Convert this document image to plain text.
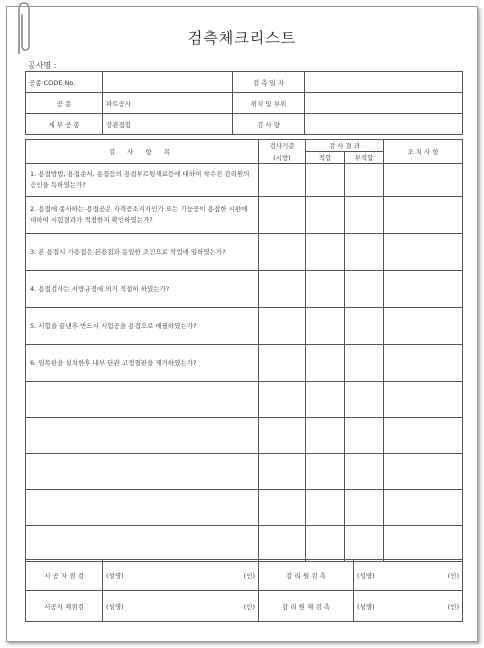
검측체크리스트
공사명 :
공종 CODE No.		검 측 일 자	
공 종	파트공사	위치 및 부위	
세 부 공 종	강관접합	검 사 량	
검 사 항 목	검사기준	검 사 결 과		조 치 사 항
	(시방)	적합	부적합	
1. 용접방법, 용접순서, 용접등의 용접부르뒹재료등에 대하여 착수전 감리원의 승인을 득하였는가?				
2. 용접에 종사하는 용접공은 자격증소지자인가 또는 기능공이 용접한 시편에 대하여 시험결과가 적정한지 확인하였는가?				
3. 본 용접시 가용접은 본용접과 동일한 조건으로 작업에 임하였는가?				
4. 용접검사는 시방규정에 의거 적절히 하였는가?				
5. 시험을 끝낸후 반드시 시험공을 용접으로 메꿨하였는가?				
6. 임목판을 설치한후 내부 단관 고정철판을 제거하였는가?				

시 공 자 점 검	(성명)	(인)	감 리 원 검 측	(성명)	(인)
시공자 재점검	(성명)	(인)	감 리 원 재 검 측	(성명)	(인)
